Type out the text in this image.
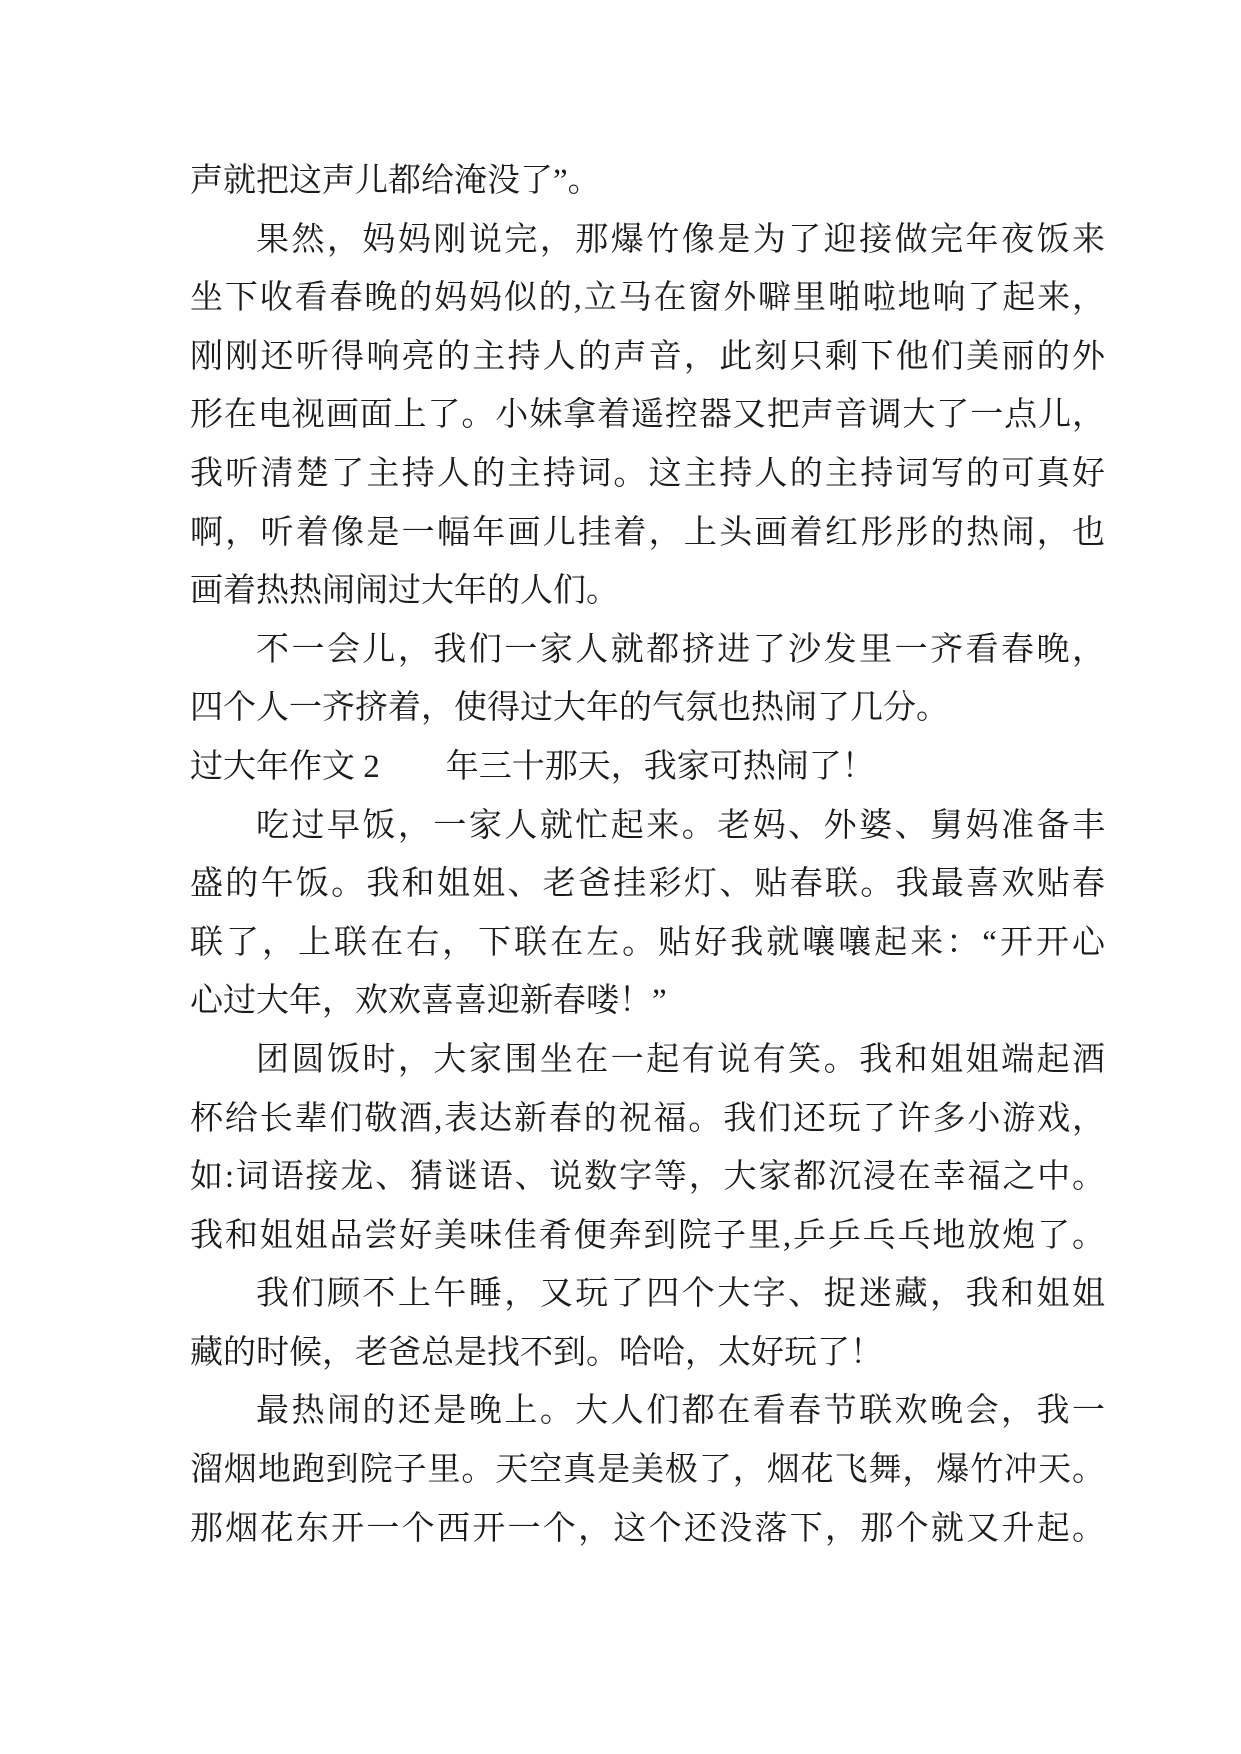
声就把这声儿都给淹没了”。
果然，妈妈刚说完，那爆竹像是为了迎接做完年夜饭来
坐下收看春晚的妈妈似的,立马在窗外噼里啪啦地响了起来，
刚刚还听得响亮的主持人的声音，此刻只剩下他们美丽的外
形在电视画面上了。小妹拿着遥控器又把声音调大了一点儿，
我听清楚了主持人的主持词。这主持人的主持词写的可真好
啊，听着像是一幅年画儿挂着，上头画着红彤彤的热闹，也
画着热热闹闹过大年的人们。
不一会儿，我们一家人就都挤进了沙发里一齐看春晚，
四个人一齐挤着，使得过大年的气氛也热闹了几分。
过大年作文 2　　年三十那天，我家可热闹了！
吃过早饭，一家人就忙起来。老妈、外婆、舅妈准备丰
盛的午饭。我和姐姐、老爸挂彩灯、贴春联。我最喜欢贴春
联了，上联在右，下联在左。贴好我就嚷嚷起来：“开开心
心过大年，欢欢喜喜迎新春喽！”
团圆饭时，大家围坐在一起有说有笑。我和姐姐端起酒
杯给长辈们敬酒,表达新春的祝福。我们还玩了许多小游戏，
如:词语接龙、猜谜语、说数字等，大家都沉浸在幸福之中。
我和姐姐品尝好美味佳肴便奔到院子里,乒乒乓乓地放炮了。
我们顾不上午睡，又玩了四个大字、捉迷藏，我和姐姐
藏的时候，老爸总是找不到。哈哈，太好玩了！
最热闹的还是晚上。大人们都在看春节联欢晚会，我一
溜烟地跑到院子里。天空真是美极了，烟花飞舞，爆竹冲天。
那烟花东开一个西开一个，这个还没落下，那个就又升起。
